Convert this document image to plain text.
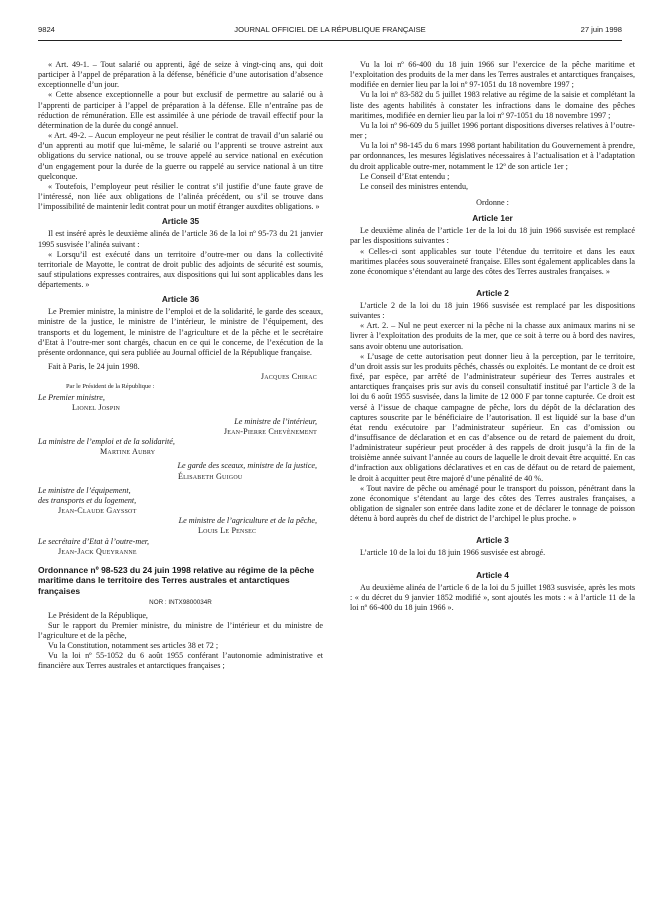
9824	JOURNAL OFFICIEL DE LA RÉPUBLIQUE FRANÇAISE	27 juin 1998

« Art. 49-1. – Tout salarié ou apprenti, âgé de seize à vingt-cinq ans, qui doit participer à l’appel de préparation à la défense, bénéficie d’une autorisation d’absence exceptionnelle d’un jour.

« Cette absence exceptionnelle a pour but exclusif de permettre au salarié ou à l’apprenti de participer à l’appel de préparation à la défense. Elle n’entraîne pas de réduction de rémunération. Elle est assimilée à une période de travail effectif pour la détermination de la durée du congé annuel.

« Art. 49-2. – Aucun employeur ne peut résilier le contrat de travail d’un salarié ou d’un apprenti au motif que lui-même, le salarié ou l’apprenti se trouve astreint aux obligations du service national, ou se trouve appelé au service national en exécution d’un engagement pour la durée de la guerre ou rappelé au service national à un titre quelconque.

« Toutefois, l’employeur peut résilier le contrat s’il justifie d’une faute grave de l’intéressé, non liée aux obligations de l’alinéa précédent, ou s’il se trouve dans l’impossibilité de maintenir ledit contrat pour un motif étranger auxdites obligations. »

Article 35

Il est inséré après le deuxième alinéa de l’article 36 de la loi nº 95-73 du 21 janvier 1995 susvisée l’alinéa suivant :

« Lorsqu’il est exécuté dans un territoire d’outre-mer ou dans la collectivité territoriale de Mayotte, le contrat de droit public des adjoints de sécurité est soumis, sauf stipulations expresses contraires, aux dispositions qui lui sont applicables dans les départements. »

Article 36

Le Premier ministre, la ministre de l’emploi et de la solidarité, le garde des sceaux, ministre de la justice, le ministre de l’intérieur, le ministre de l’équipement, des transports et du logement, le ministre de l’agriculture et de la pêche et le secrétaire d’Etat à l’outre-mer sont chargés, chacun en ce qui le concerne, de l’exécution de la présente ordonnance, qui sera publiée au Journal officiel de la République française.

Fait à Paris, le 24 juin 1998.

Jacques Chirac
Par le Président de la République :
Le Premier ministre,
Lionel Jospin
Le ministre de l’intérieur,
Jean-Pierre Chevènement
La ministre de l’emploi et de la solidarité,
Martine Aubry
Le garde des sceaux, ministre de la justice,
Élisabeth Guigou
Le ministre de l’équipement,
des transports et du logement,
Jean-Claude Gayssot
Le ministre de l’agriculture et de la pêche,
Louis Le Pensec
Le secrétaire d’Etat à l’outre-mer,
Jean-Jack Queyranne
Ordonnance nº 98-523 du 24 juin 1998 relative au régime de la pêche maritime dans le territoire des Terres australes et antarctiques françaises
NOR : INTX9800034R

Le Président de la République,

Sur le rapport du Premier ministre, du ministre de l’intérieur et du ministre de l’agriculture et de la pêche,

Vu la Constitution, notamment ses articles 38 et 72 ;

Vu la loi nº 55-1052 du 6 août 1955 conférant l’autonomie administrative et financière aux Terres australes et antarctiques françaises ;

Vu la loi nº 66-400 du 18 juin 1966 sur l’exercice de la pêche maritime et l’exploitation des produits de la mer dans les Terres australes et antarctiques françaises, modifiée en dernier lieu par la loi nº 97-1051 du 18 novembre 1997 ;

Vu la loi nº 83-582 du 5 juillet 1983 relative au régime de la saisie et complétant la liste des agents habilités à constater les infractions dans le domaine des pêches maritimes, modifiée en dernier lieu par la loi nº 97-1051 du 18 novembre 1997 ;

Vu la loi nº 96-609 du 5 juillet 1996 portant dispositions diverses relatives à l’outre-mer ;

Vu la loi nº 98-145 du 6 mars 1998 portant habilitation du Gouvernement à prendre, par ordonnances, les mesures législatives nécessaires à l’actualisation et à l’adaptation du droit applicable outre-mer, notamment le 12º de son article 1er ;

Le Conseil d’Etat entendu ;

Le conseil des ministres entendu,

Ordonne :
Article 1er

Le deuxième alinéa de l’article 1er de la loi du 18 juin 1966 susvisée est remplacé par les dispositions suivantes :

« Celles-ci sont applicables sur toute l’étendue du territoire et dans les eaux maritimes placées sous souveraineté française. Elles sont également applicables dans la zone économique s’étendant au large des côtes des Terres australes françaises. »

Article 2

L’article 2 de la loi du 18 juin 1966 susvisée est remplacé par les dispositions suivantes :

« Art. 2. – Nul ne peut exercer ni la pêche ni la chasse aux animaux marins ni se livrer à l’exploitation des produits de la mer, que ce soit à terre ou à bord des navires, sans avoir obtenu une autorisation.

« L’usage de cette autorisation peut donner lieu à la perception, par le territoire, d’un droit assis sur les produits pêchés, chassés ou exploités. Le montant de ce droit est fixé, par espèce, par arrêté de l’administrateur supérieur des Terres australes et antarctiques françaises pris sur avis du conseil consultatif institué par l’article 3 de la loi du 6 août 1955 susvisée, dans la limite de 12 000 F par tonne capturée. Ce droit est versé à l’issue de chaque campagne de pêche, lors du dépôt de la déclaration des captures souscrite par le bénéficiaire de l’autorisation. Il est liquidé sur la base d’un état rendu exécutoire par l’administrateur supérieur. En cas d’omission ou d’insuffisance de déclaration et en cas d’absence ou de retard de paiement du droit, l’administrateur supérieur peut procéder à des rappels de droit jusqu’à la fin de la troisième année suivant l’année au cours de laquelle le droit devait être acquitté. En cas d’infraction aux obligations déclaratives et en cas de défaut ou de retard de paiement, le droit à acquitter peut être majoré d’une pénalité de 40 %.

« Tout navire de pêche ou aménagé pour le transport du poisson, pénétrant dans la zone économique s’étendant au large des côtes des Terres australes françaises, a obligation de signaler son entrée dans ladite zone et de déclarer le tonnage de poisson détenu à bord auprès du chef de district de l’archipel le plus proche. »

Article 3

L’article 10 de la loi du 18 juin 1966 susvisée est abrogé.

Article 4

Au deuxième alinéa de l’article 6 de la loi du 5 juillet 1983 susvisée, après les mots : « du décret du 9 janvier 1852 modifié », sont ajoutés les mots : « à l’article 11 de la loi nº 66-400 du 18 juin 1966 ».
